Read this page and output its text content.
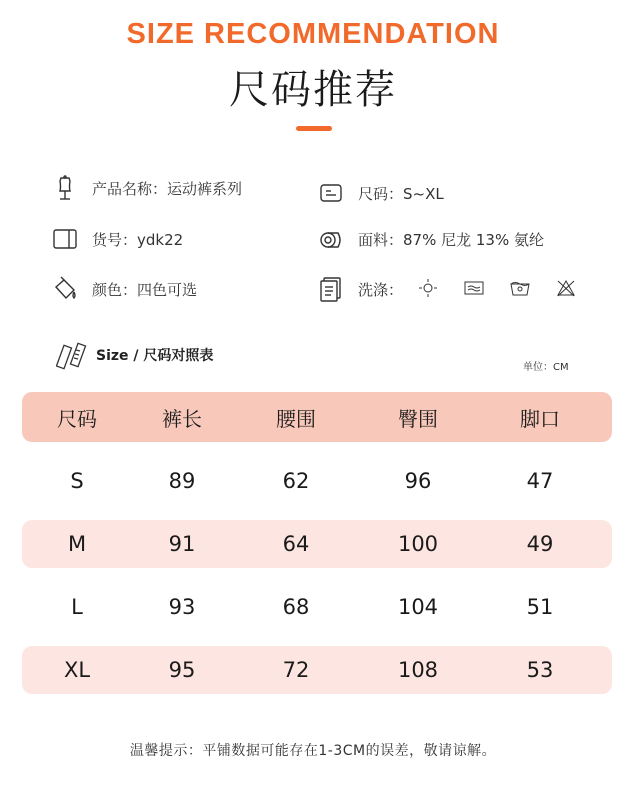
SIZE RECOMMENDATION
尺码推荐
产品名称：运动裤系列	尺码：S~XL
货号：ydk22	面料：87% 尼龙 13% 氨纶
颜色：四色可选	洗涤：
Size / 尺码对照表
单位：CM
尺码	裤长	腰围	臀围	脚口
S	89	62	96	47
M	91	64	100	49
L	93	68	104	51
XL	95	72	108	53
温馨提示：平铺数据可能存在1-3CM的误差，敬请谅解。
